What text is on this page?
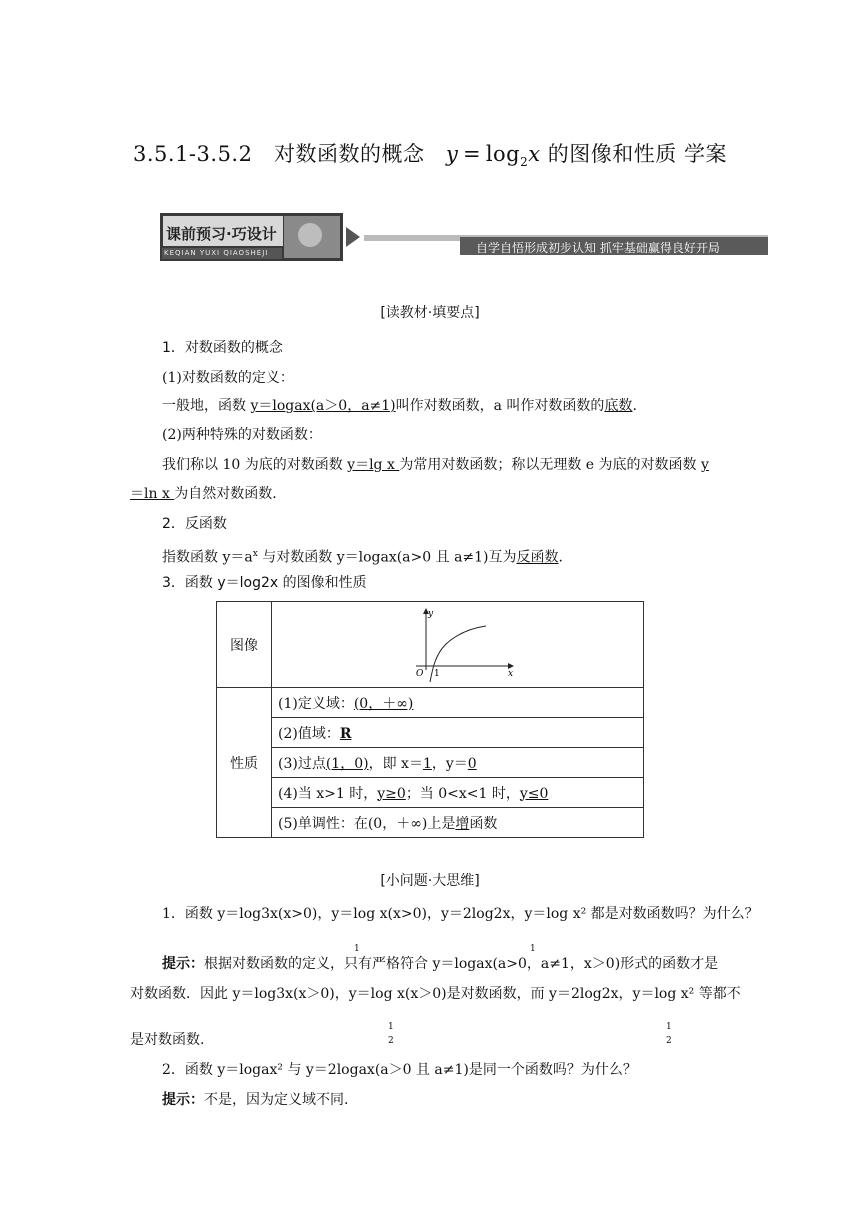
3.5.1-3.5.2　对数函数的概念　$y = \log_2x$ 的图像和性质 学案
课前预习·巧设计
KEQIAN YUXI QIAOSHEJI	自学自悟形成初步认知 抓牢基础赢得良好开局
[读教材·填要点]
1．对数函数的概念
(1)对数函数的定义：
一般地，函数 y＝logax(a＞0，a≠1)叫作对数函数，a 叫作对数函数的底数.
(2)两种特殊的对数函数：
我们称以 10 为底的对数函数 y＝lg x 为常用对数函数；称以无理数 e 为底的对数函数 y
＝ln x 为自然对数函数.
2．反函数
指数函数 $y=a^x$ 与对数函数 y＝logax(a>0 且 a≠1)互为反函数.
3．函数 y＝log2x 的图像和性质
图像	y
x
O 1

性质	(1)定义域：(0，＋∞)
	(2)值域：R
	(3)过点(1，0)，即 x＝1，y＝0
	(4)当 x>1 时，y≥0；当 0<x<1 时，y≤0
	(5)单调性：在(0，＋∞)上是增函数
[小问题·大思维]
1．函数 y＝log3x(x>0)，y＝log x(x>0)，y＝2log2x，y＝log x² 都是对数函数吗？为什么？
1	1
提示：根据对数函数的定义，只有严格符合 y＝logax(a>0，a≠1，x＞0)形式的函数才是
对数函数．因此 y＝log3x(x＞0)，y＝log x(x＞0)是对数函数，而 y＝2log2x，y＝log x² 等都不
1
2
1
2
是对数函数.
2．函数 y＝logax² 与 y＝2logax(a＞0 且 a≠1)是同一个函数吗？为什么？
提示：不是，因为定义域不同.
